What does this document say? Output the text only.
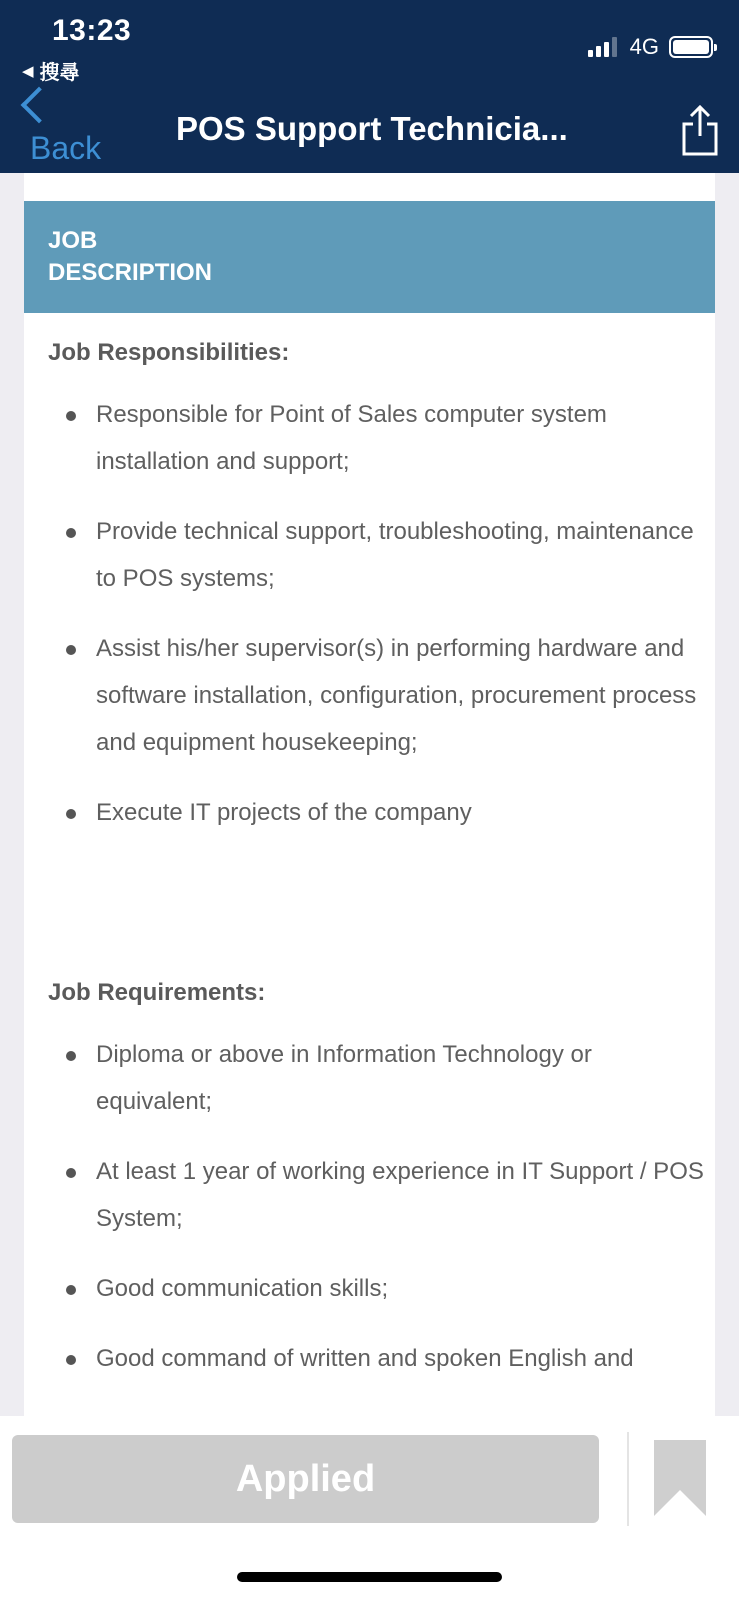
13:23
◀ 搜尋
4G
Back
POS Support Technicia...
JOB
DESCRIPTION
Job Responsibilities:
Responsible for Point of Sales computer system installation and support;
Provide technical support, troubleshooting, maintenance to POS systems;
Assist his/her supervisor(s) in performing hardware and software installation, configuration, procurement process and equipment housekeeping;
Execute IT projects of the company
Job Requirements:
Diploma or above in Information Technology or equivalent;
At least 1 year of working experience in IT Support / POS System;
Good communication skills;
Good command of written and spoken English and
Applied
